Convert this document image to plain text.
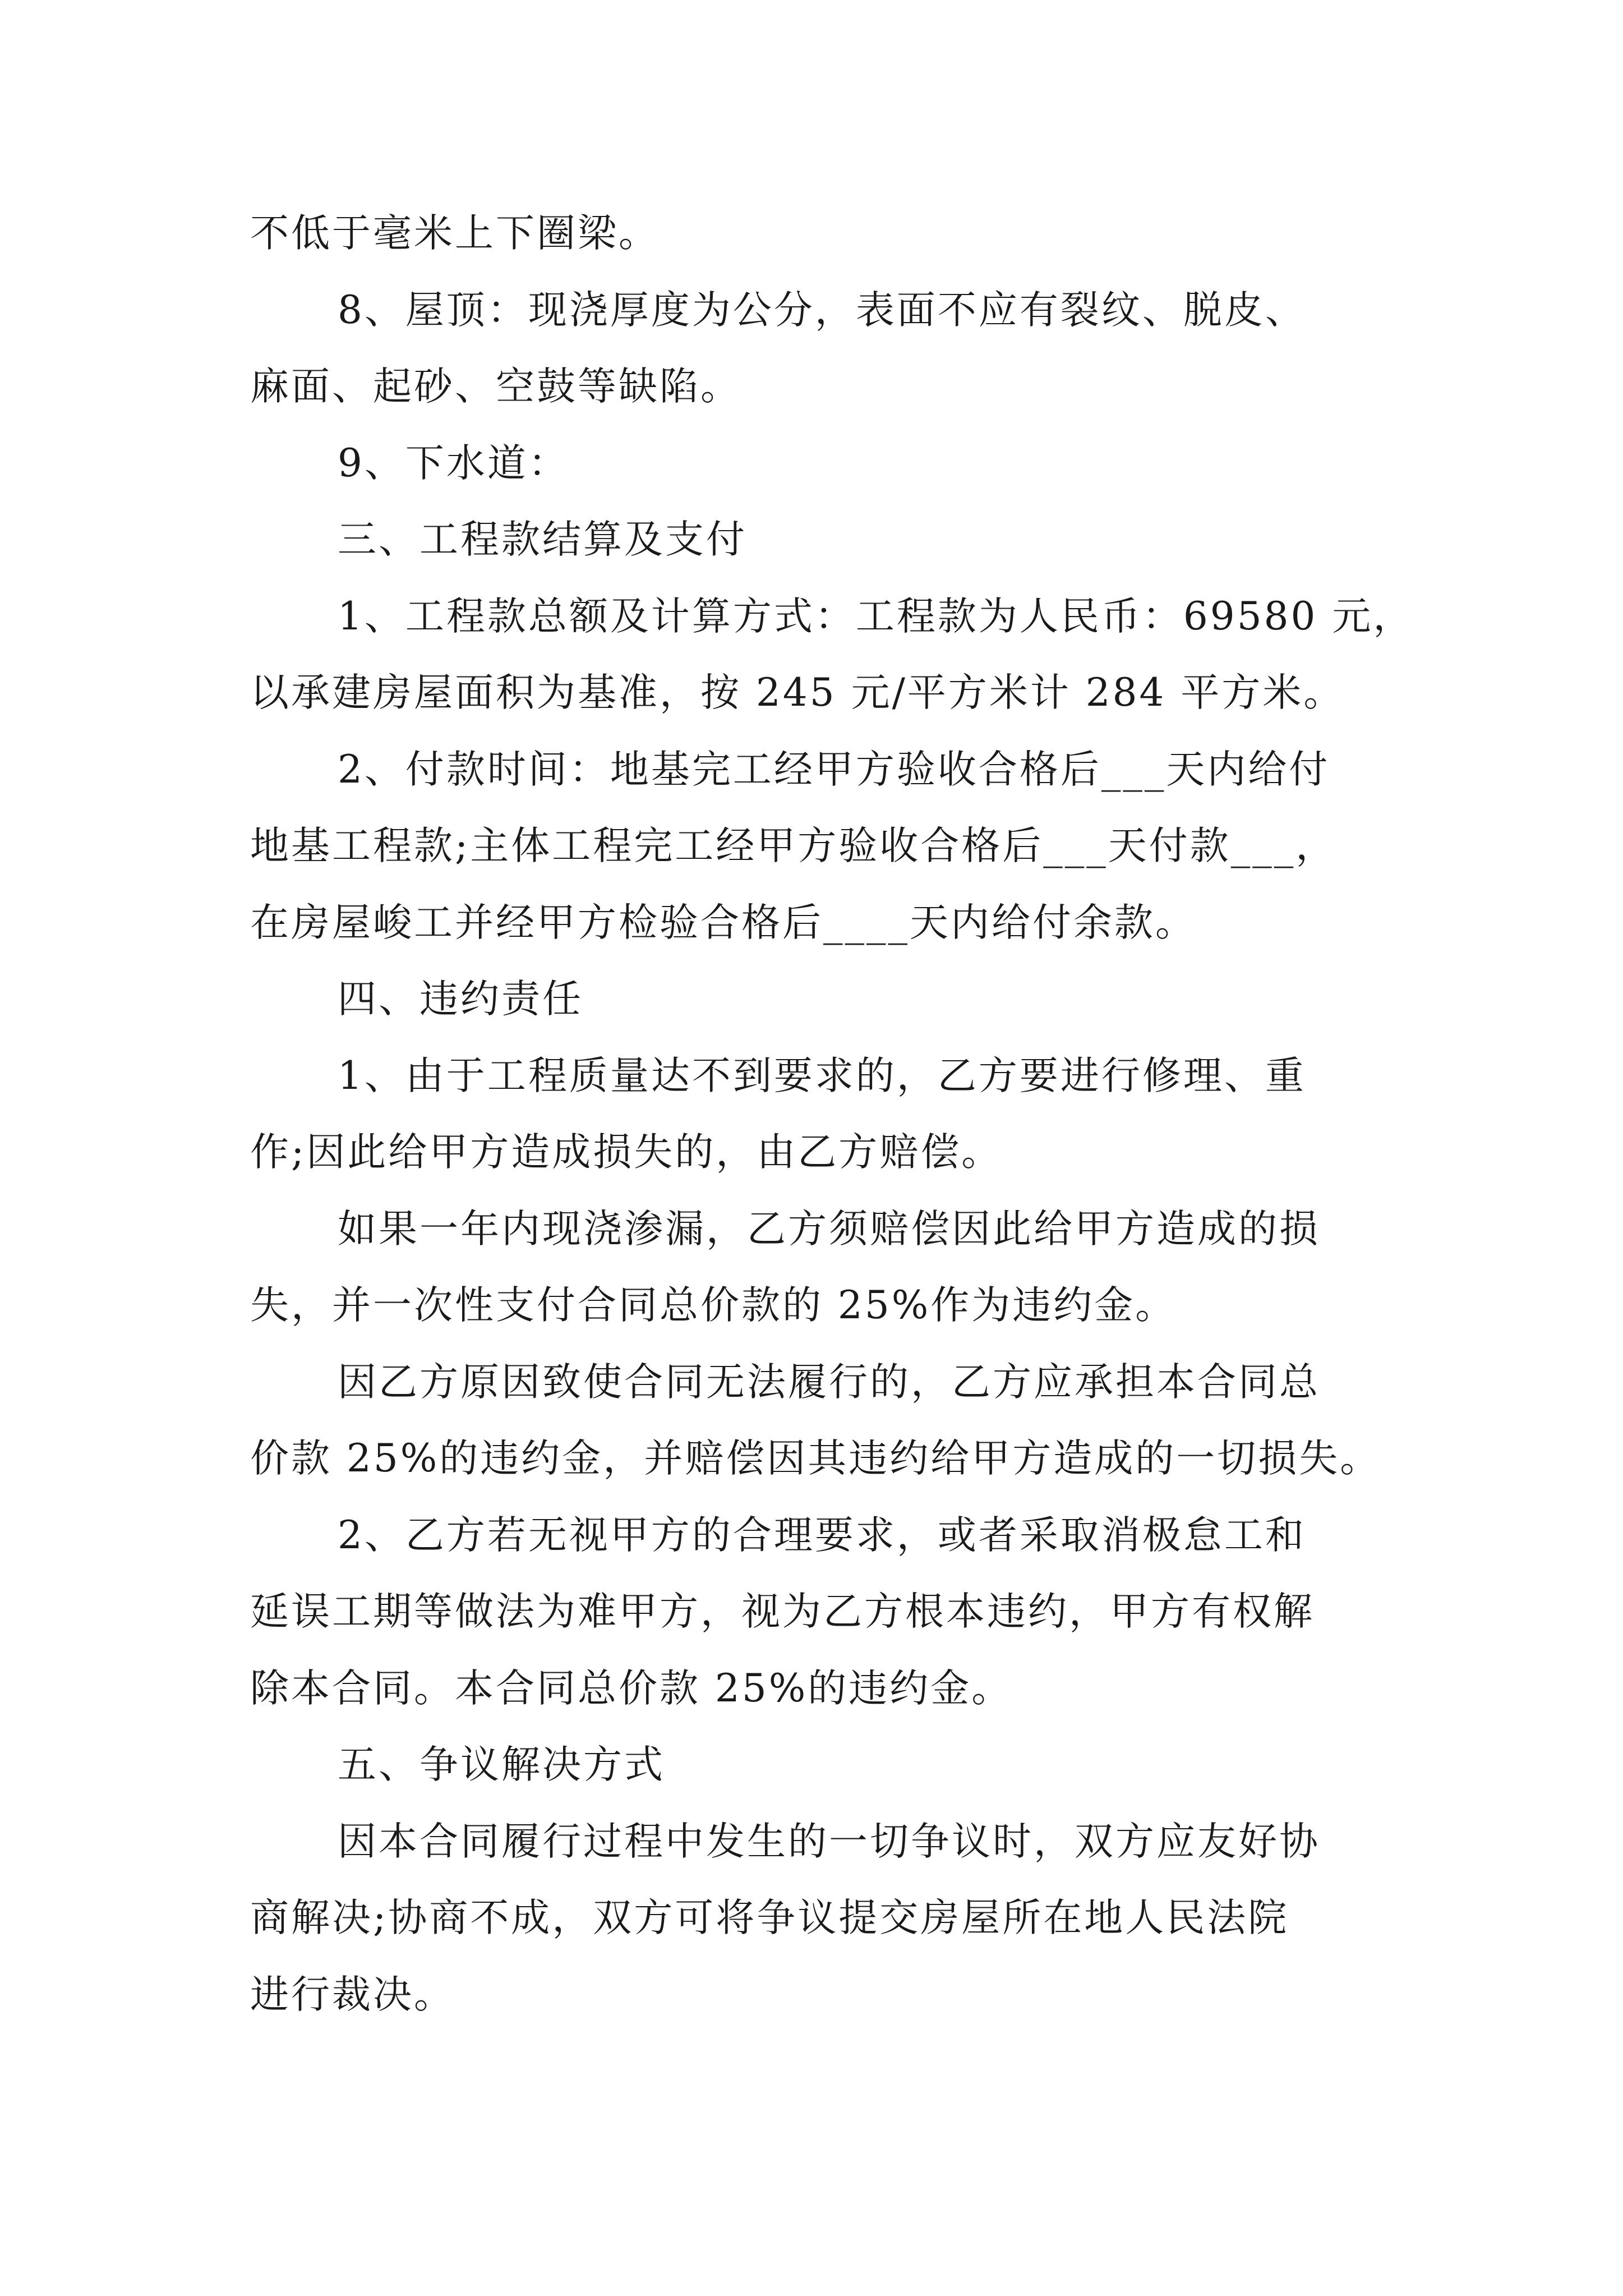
不低于毫米上下圈梁。

8、屋顶：现浇厚度为公分，表面不应有裂纹、脱皮、

麻面、起砂、空鼓等缺陷。

9、下水道：

三、工程款结算及支付

1、工程款总额及计算方式：工程款为人民币：69580 元，

以承建房屋面积为基准，按 245 元/平方米计 284 平方米。

2、付款时间：地基完工经甲方验收合格后___天内给付

地基工程款;主体工程完工经甲方验收合格后___天付款___，

在房屋峻工并经甲方检验合格后____天内给付余款。

四、违约责任

1、由于工程质量达不到要求的，乙方要进行修理、重

作;因此给甲方造成损失的，由乙方赔偿。

如果一年内现浇渗漏，乙方须赔偿因此给甲方造成的损

失，并一次性支付合同总价款的 25%作为违约金。

因乙方原因致使合同无法履行的，乙方应承担本合同总

价款 25%的违约金，并赔偿因其违约给甲方造成的一切损失。

2、乙方若无视甲方的合理要求，或者采取消极怠工和

延误工期等做法为难甲方，视为乙方根本违约，甲方有权解

除本合同。本合同总价款 25%的违约金。

五、争议解决方式

因本合同履行过程中发生的一切争议时，双方应友好协

商解决;协商不成，双方可将争议提交房屋所在地人民法院

进行裁决。
